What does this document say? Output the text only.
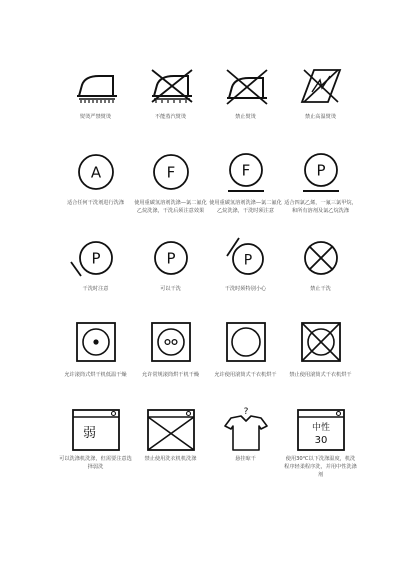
熨烫严禁熨烫	不能蒸汽熨烫	禁止熨烫	禁止高温熨烫
A
适合任何干洗剂进行洗涤
F
使用重碳氢溶剂洗涤—氯二氟化乙烷洗涤，干洗后须注意效果
F
使用重碳氢溶剂洗涤—氯二氟化乙烷洗涤，干洗时须注意
P
适合四氯乙烯，一氟三氯甲烷，和所有溶剂及氯乙烷洗涤
P
干洗时注意
P
可以干洗
P
干洗时须特别小心	禁止干洗
允许滚筒式烘干机低温干燥	允许常规滚筒烘干机干燥	允许使用滚筒式干衣机烘干	禁止使用滚筒式干衣机烘干
弱
可以洗涤机洗涤，但需要注意选择弱洗
禁止使用洗衣机机洗涤
?
悬挂晾干
中性
30
使用30℃以下洗涤温度，机洗程序轻柔程序洗，并用中性洗涤剂
